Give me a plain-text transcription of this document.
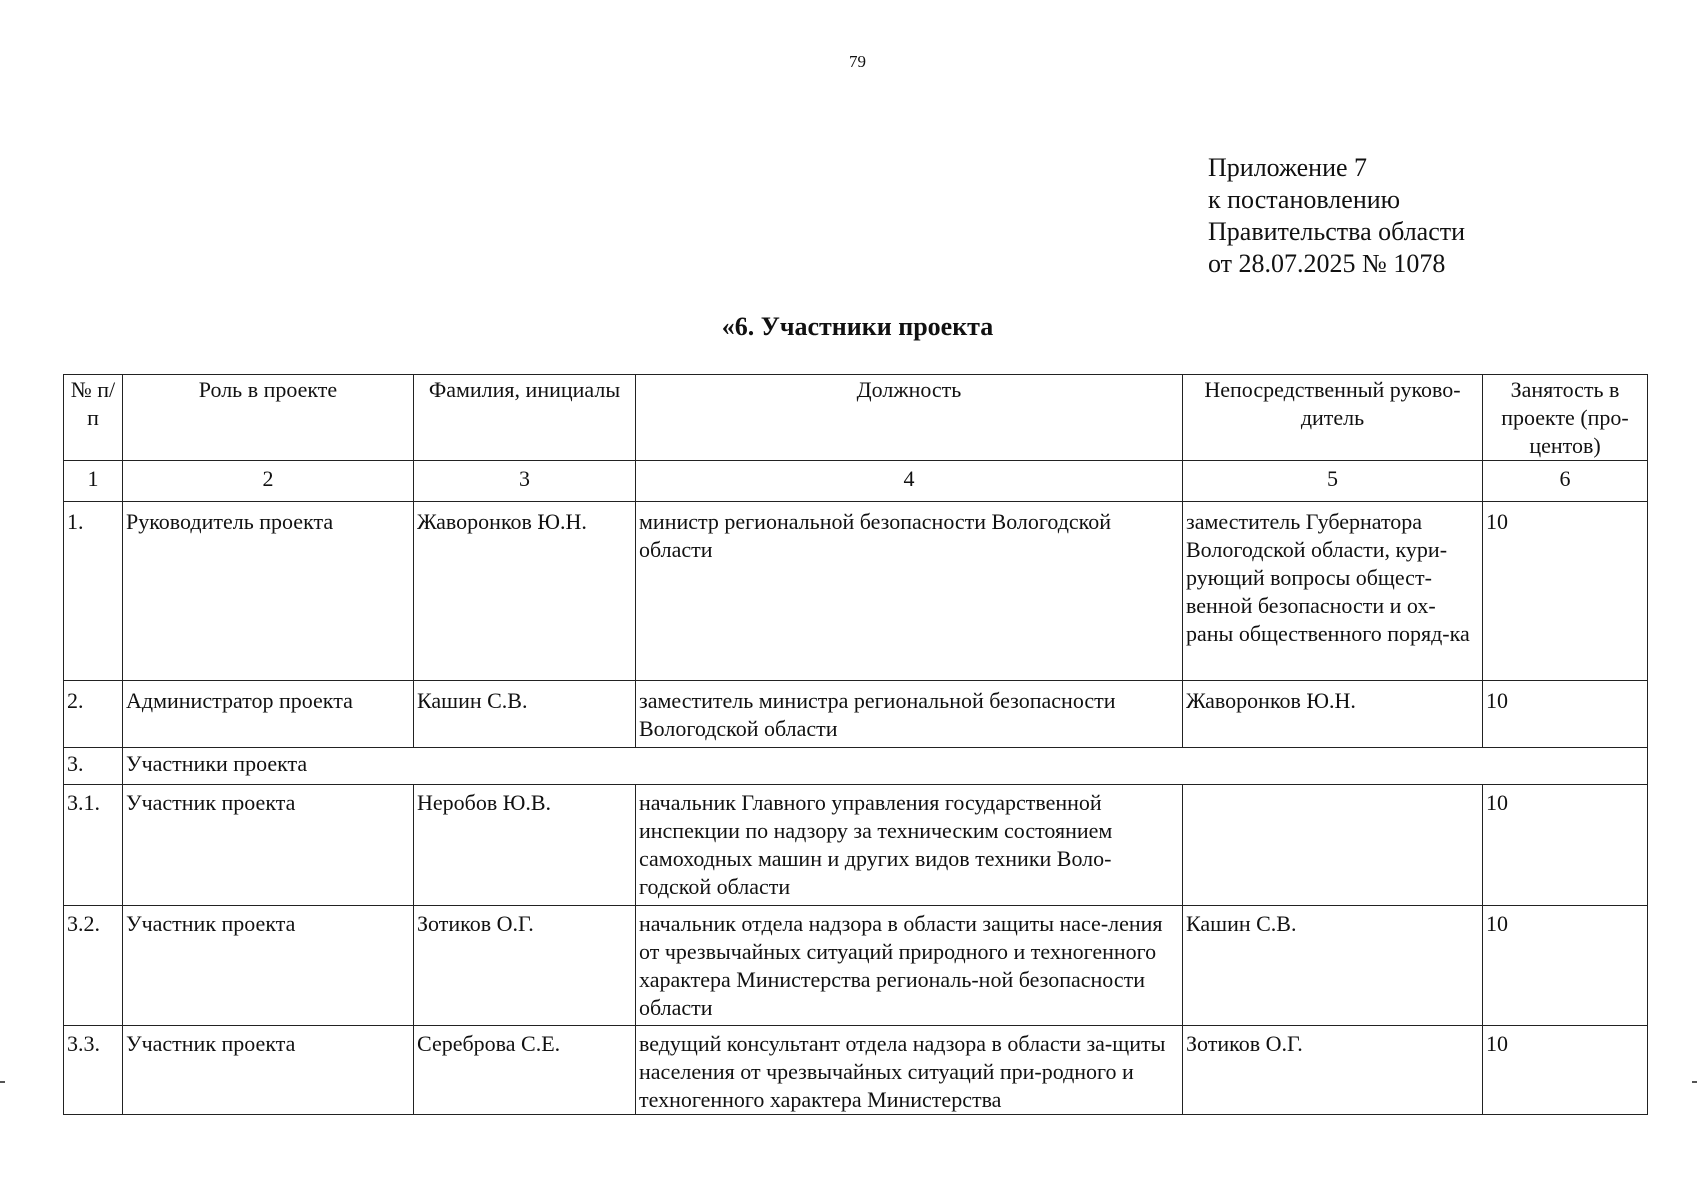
79
Приложение 7
к постановлению
Правительства области
от 28.07.2025 № 1078
«6. Участники проекта
№ п/п	Роль в проекте	Фамилия, инициалы	Должность	Непосредственный руково-дитель	Занятость в проекте (про-центов)
1	2	3	4	5	6
1.	Руководитель проекта	Жаворонков Ю.Н.	министр региональной безопасности Вологодской области	заместитель Губернатора Вологодской области, кури-рующий вопросы общест-венной безопасности и ох-раны общественного поряд-ка	10
2.	Администратор проекта	Кашин С.В.	заместитель министра региональной безопасности Вологодской области	Жаворонков Ю.Н.	10
3.	Участники проекта				
3.1.	Участник проекта	Неробов Ю.В.	начальник Главного управления государственной инспекции по надзору за техническим состоянием самоходных машин и других видов техники Воло-годской области		10
3.2.	Участник проекта	Зотиков О.Г.	начальник отдела надзора в области защиты насе-ления от чрезвычайных ситуаций природного и техногенного характера Министерства региональ-ной безопасности области	Кашин С.В.	10
3.3.	Участник проекта	Сереброва С.Е.	ведущий консультант отдела надзора в области за-щиты населения от чрезвычайных ситуаций при-родного и техногенного характера Министерства	Зотиков О.Г.	10
